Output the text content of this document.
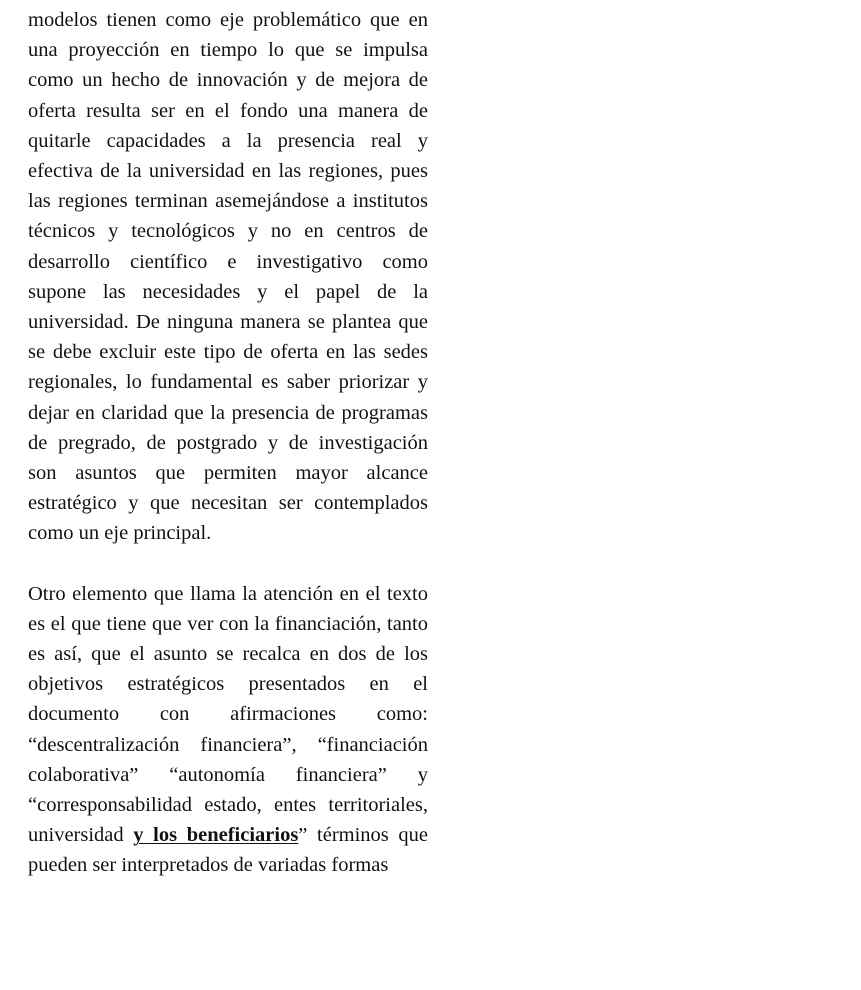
modelos tienen como eje problemático que en una proyección en tiempo lo que se impulsa como un hecho de innovación y de mejora de oferta resulta ser en el fondo una manera de quitarle capacidades a la presencia real y efectiva de la universidad en las regiones, pues las regiones terminan asemejándose a institutos técnicos y tecnológicos y no en centros de desarrollo científico e investigativo como supone las necesidades y el papel de la universidad. De ninguna manera se plantea que se debe excluir este tipo de oferta en las sedes regionales, lo fundamental es saber priorizar y dejar en claridad que la presencia de programas de pregrado, de postgrado y de investigación son asuntos que permiten mayor alcance estratégico y que necesitan ser contemplados como un eje principal.

Otro elemento que llama la atención en el texto es el que tiene que ver con la financiación, tanto es así, que el asunto se recalca en dos de los objetivos estratégicos presentados en el documento con afirmaciones como: “descentralización financiera”, “financiación colaborativa” “autonomía financiera” y “corresponsabilidad estado, entes territoriales, universidad y los beneficiarios” términos que pueden ser interpretados de variadas formas
